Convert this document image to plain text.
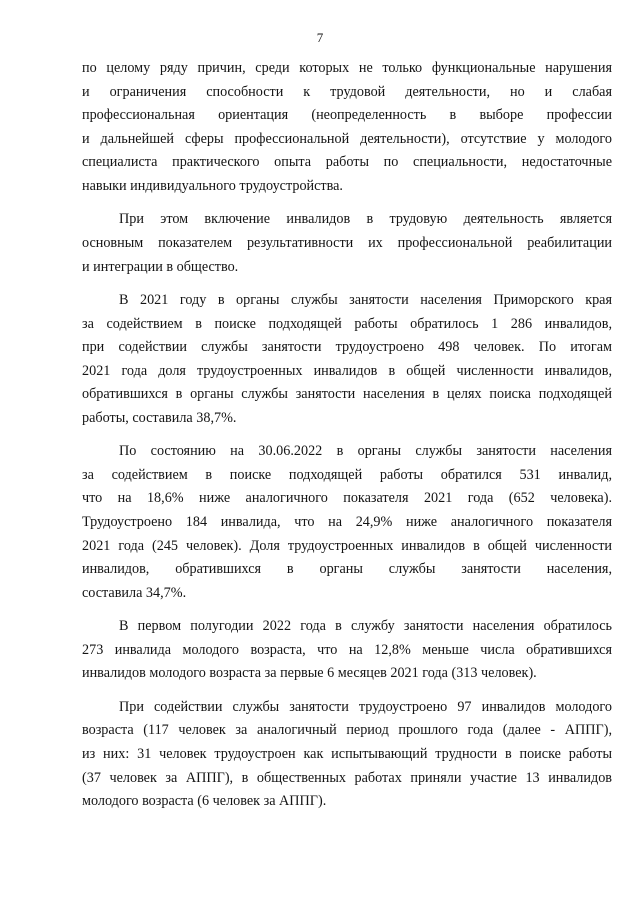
7
по целому ряду причин, среди которых не только функциональные нарушения
и ограничения способности к трудовой деятельности, но и слабая
профессиональная ориентация (неопределенность в выборе профессии
и дальнейшей сферы профессиональной деятельности), отсутствие у молодого
специалиста практического опыта работы по специальности, недостаточные
навыки индивидуального трудоустройства.
При этом включение инвалидов в трудовую деятельность является
основным показателем результативности их профессиональной реабилитации
и интеграции в общество.
В 2021 году в органы службы занятости населения Приморского края
за содействием в поиске подходящей работы обратилось 1 286 инвалидов,
при содействии службы занятости трудоустроено 498 человек. По итогам
2021 года доля трудоустроенных инвалидов в общей численности инвалидов,
обратившихся в органы службы занятости населения в целях поиска подходящей
работы, составила 38,7%.
По состоянию на 30.06.2022 в органы службы занятости населения
за содействием в поиске подходящей работы обратился 531 инвалид,
что на 18,6% ниже аналогичного показателя 2021 года (652 человека).
Трудоустроено 184 инвалида, что на 24,9% ниже аналогичного показателя
2021 года (245 человек). Доля трудоустроенных инвалидов в общей численности
инвалидов, обратившихся в органы службы занятости населения,
составила 34,7%.
В первом полугодии 2022 года в службу занятости населения обратилось
273 инвалида молодого возраста, что на 12,8% меньше числа обратившихся
инвалидов молодого возраста за первые 6 месяцев 2021 года (313 человек).
При содействии службы занятости трудоустроено 97 инвалидов молодого
возраста (117 человек за аналогичный период прошлого года (далее - АППГ),
из них: 31 человек трудоустроен как испытывающий трудности в поиске работы
(37 человек за АППГ), в общественных работах приняли участие 13 инвалидов
молодого возраста (6 человек за АППГ).
